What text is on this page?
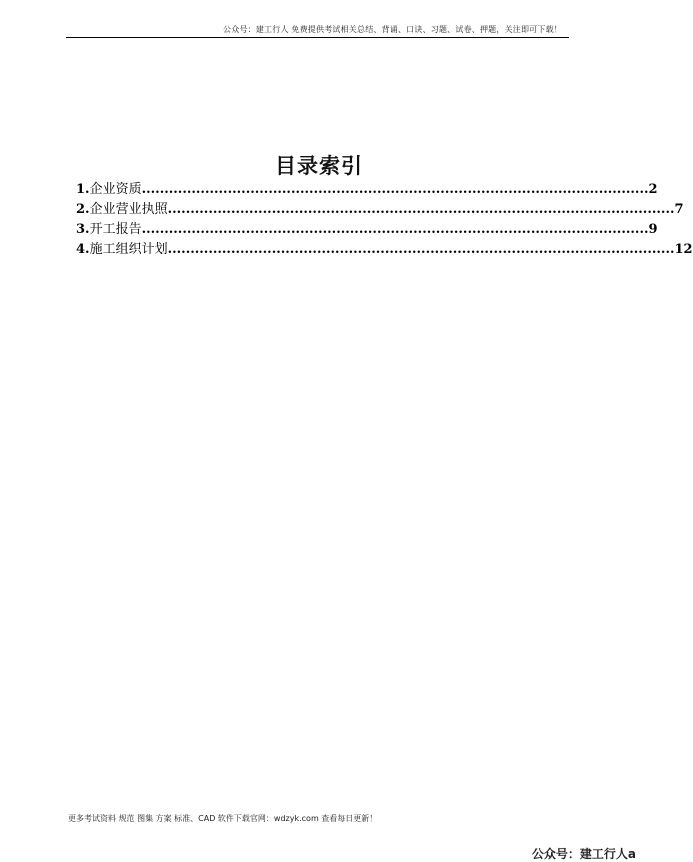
公众号：建工行人 免费提供考试相关总结、背诵、口诀、习题、试卷、押题，关注即可下载！
目录索引
1. 企业资质 ................................................................................................................ 2
2. 企业营业执照 ................................................................................................................ 7
3. 开工报告 ................................................................................................................ 9
4. 施工组织计划 ................................................................................................................ 12
更多考试资料 规范 图集 方案 标准、CAD 软件下载官网：wdzyk.com 查看每日更新！
公众号：建工行人a
